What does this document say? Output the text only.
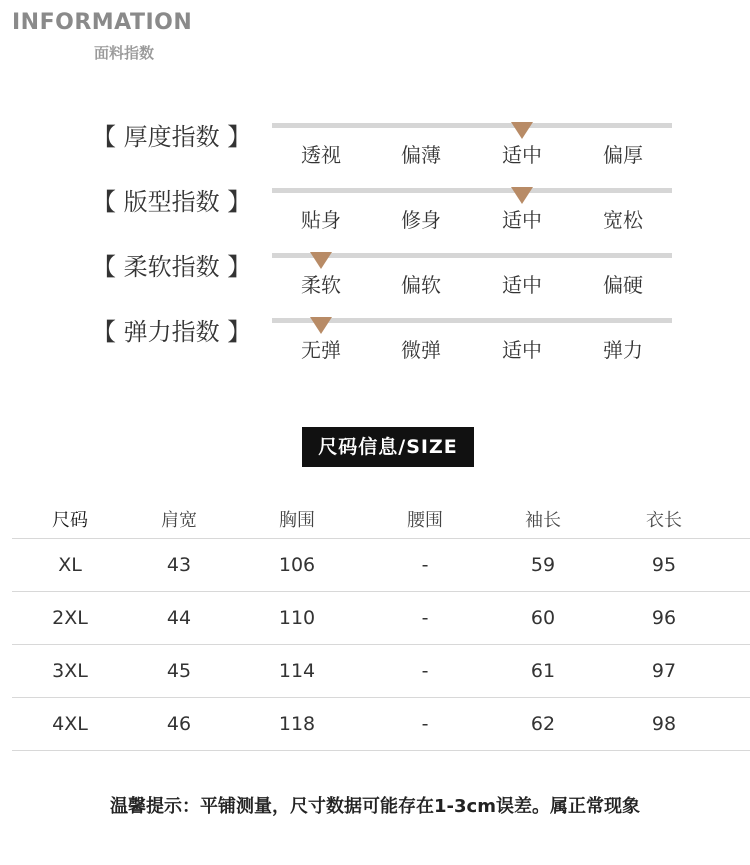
INFORMATION
面料指数
【 厚度指数 】
透视	偏薄	适中	偏厚
【 版型指数 】
贴身	修身	适中	宽松
【 柔软指数 】
柔软	偏软	适中	偏硬
【 弹力指数 】
无弹	微弹	适中	弹力
尺码信息/SIZE
尺码	肩宽	胸围	腰围	袖长	衣长
XL	43	106	-	59	95
2XL	44	110	-	60	96
3XL	45	114	-	61	97
4XL	46	118	-	62	98
温馨提示：平铺测量，尺寸数据可能存在1-3cm误差。属正常现象
